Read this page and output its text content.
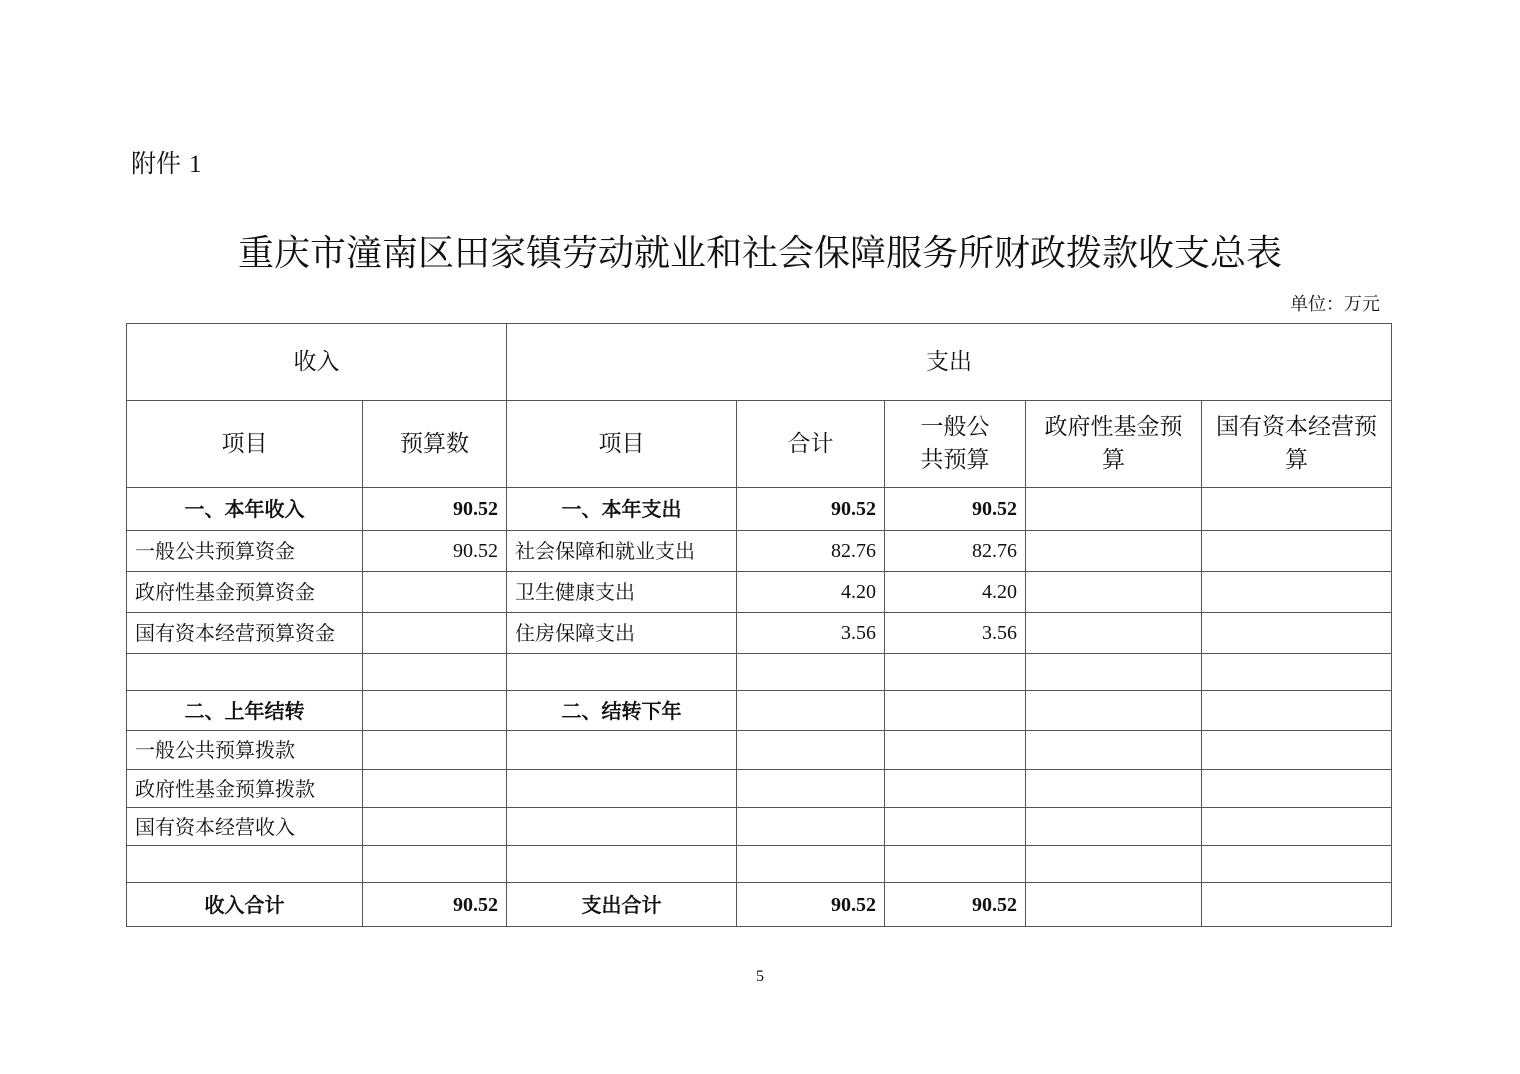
附件 1
重庆市潼南区田家镇劳动就业和社会保障服务所财政拨款收支总表
单位：万元
收入		支出				
项目	预算数	项目	合计	一般公共预算	政府性基金预算	国有资本经营预算
一、本年收入	90.52	一、本年支出	90.52	90.52		
一般公共预算资金	90.52	社会保障和就业支出	82.76	82.76		
政府性基金预算资金		卫生健康支出	4.20	4.20		
国有资本经营预算资金		住房保障支出	3.56	3.56		

二、上年结转		二、结转下年				
一般公共预算拨款						
政府性基金预算拨款						
国有资本经营收入						

收入合计	90.52	支出合计	90.52	90.52		
5
